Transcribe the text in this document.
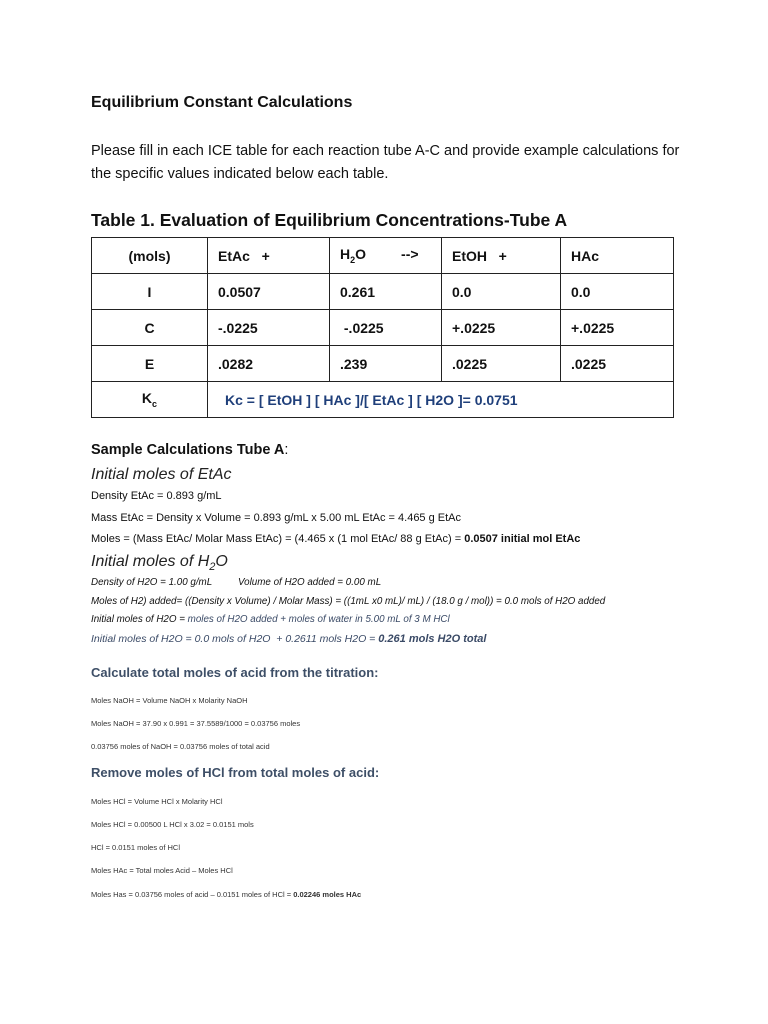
Equilibrium Constant Calculations
Please fill in each ICE table for each reaction tube A-C and provide example calculations for the specific values indicated below each table.
Table 1. Evaluation of Equilibrium Concentrations-Tube A
(mols)	EtAc   +	$H_2O$         -->	EtOH   +	HAc
I	0.0507	0.261	0.0	0.0
C	-.0225	-.0225	+.0225	+.0225
E	.0282	.239	.0225	.0225
$K_c$	Kc = [ EtOH ] [ HAc ]/[ EtAc ] [ H2O ]= 0.0751			
Sample Calculations Tube A:
Initial moles of EtAc
Density EtAc = 0.893 g/mL
Mass EtAc = Density x Volume = 0.893 g/mL x 5.00 mL EtAc = 4.465 g EtAc
Moles = (Mass EtAc/ Molar Mass EtAc) = (4.465 x (1 mol EtAc/ 88 g EtAc) = 0.0507 initial mol EtAc
Initial moles of $H_2O$
Density of H2O = 1.00 g/mL	Volume of H2O added = 0.00 mL
Moles of H2) added= ((Density x Volume) / Molar Mass) = ((1mL x0 mL)/ mL) / (18.0 g / mol)) = 0.0 mols of H2O added
Initial moles of H2O = moles of H2O added + moles of water in 5.00 mL of 3 M HCl
Initial moles of H2O = 0.0 mols of H2O  + 0.2611 mols H2O = 0.261 mols H2O total
Calculate total moles of acid from the titration:
Moles NaOH = Volume NaOH x Molarity NaOH
Moles NaOH = 37.90 x 0.991 = 37.5589/1000 = 0.03756 moles
0.03756 moles of NaOH = 0.03756 moles of total acid
Remove moles of HCl from total moles of acid:
Moles HCl = Volume HCl x Molarity HCl
Moles HCl = 0.00500 L HCl x 3.02 = 0.0151 mols
HCl = 0.0151 moles of HCl
Moles HAc = Total moles Acid – Moles HCl
Moles Has = 0.03756 moles of acid – 0.0151 moles of HCl = 0.02246 moles HAc
